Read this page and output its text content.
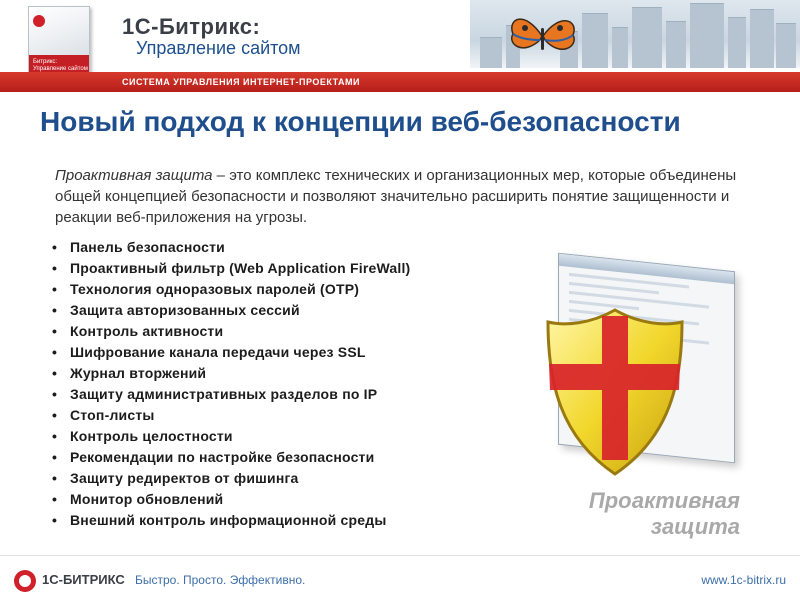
Битрикс: Управление сайтом
1С-Битрикс:
Управление сайтом
СИСТЕМА УПРАВЛЕНИЯ ИНТЕРНЕТ-ПРОЕКТАМИ
Новый подход к концепции веб-безопасности
Проактивная защита – это комплекс технических и организационных мер, которые объединены общей концепцией безопасности и позволяют значительно расширить понятие защищенности и реакции веб-приложения на угрозы.
• Панель безопасности
• Проактивный фильтр (Web Application FireWall)
• Технология одноразовых паролей (OTP)
• Защита авторизованных сессий
• Контроль активности
• Шифрование канала передачи через SSL
• Журнал вторжений
• Защиту административных разделов по IP
• Стоп-листы
• Контроль целостности
• Рекомендации по настройке безопасности
• Защиту редиректов от фишинга
• Монитор обновлений
• Внешний контроль информационной среды
Проактивная
защита
1С-БИТРИКС Быстро. Просто. Эффективно.	www.1c-bitrix.ru
